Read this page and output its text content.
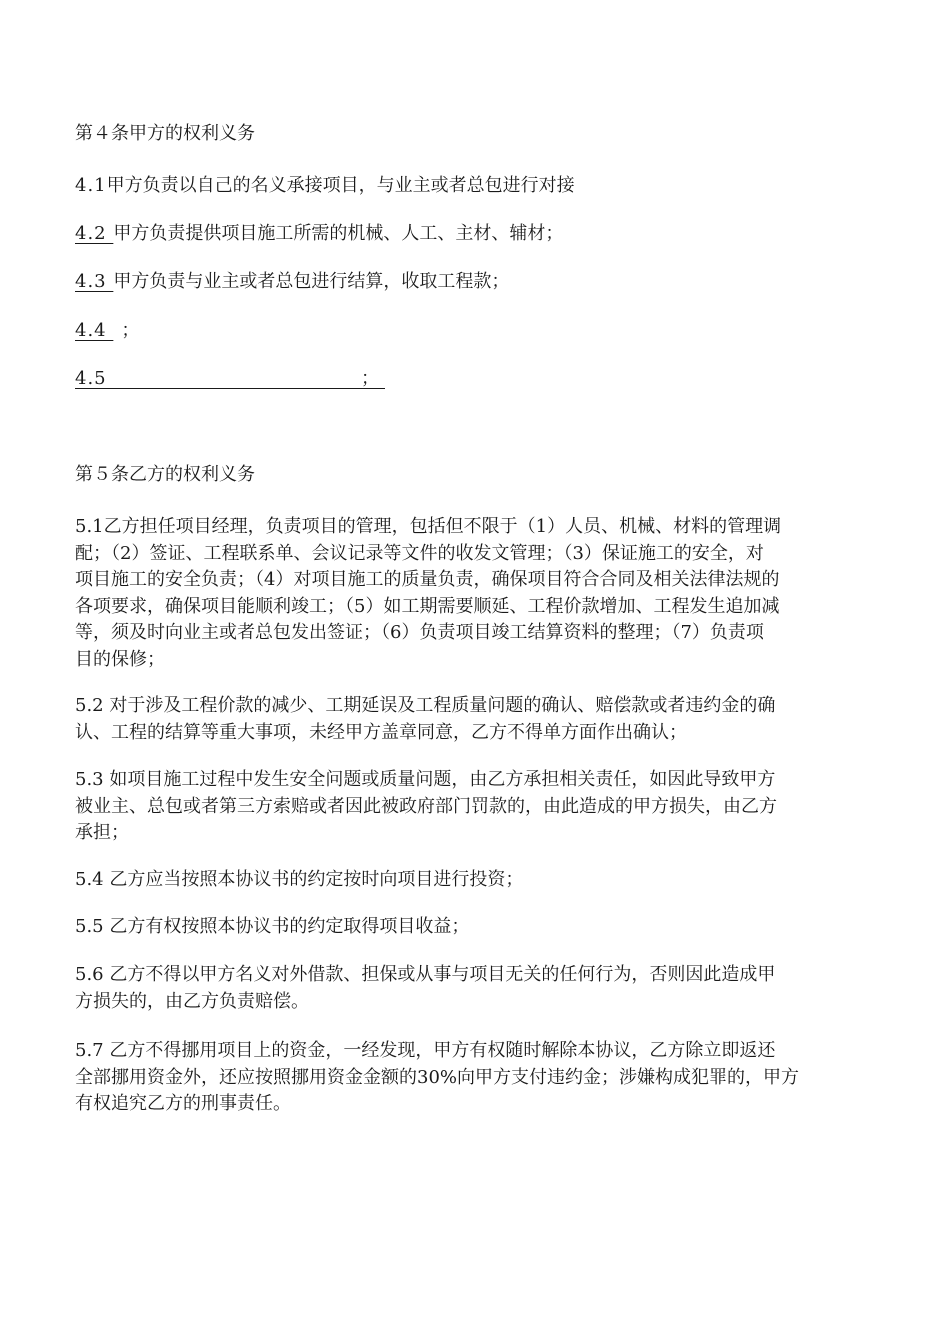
第４条甲方的权利义务
4.1甲方负责以自己的名义承接项目，与业主或者总包进行对接
4.2 甲方负责提供项目施工所需的机械、人工、主材、辅材；
4.3 甲方负责与业主或者总包进行结算，收取工程款；
4.4 ；
4.5	；
第５条乙方的权利义务
5.1乙方担任项目经理，负责项目的管理，包括但不限于（1）人员、机械、材料的管理调
配；（2）签证、工程联系单、会议记录等文件的收发文管理；（3）保证施工的安全，对
项目施工的安全负责；（4）对项目施工的质量负责，确保项目符合合同及相关法律法规的
各项要求，确保项目能顺利竣工；（5）如工期需要顺延、工程价款增加、工程发生追加减
等，须及时向业主或者总包发出签证；（6）负责项目竣工结算资料的整理；（7）负责项
目的保修；
5.2 对于涉及工程价款的减少、工期延误及工程质量问题的确认、赔偿款或者违约金的确
认、工程的结算等重大事项，未经甲方盖章同意，乙方不得单方面作出确认；
5.3 如项目施工过程中发生安全问题或质量问题，由乙方承担相关责任，如因此导致甲方
被业主、总包或者第三方索赔或者因此被政府部门罚款的，由此造成的甲方损失，由乙方
承担；
5.4 乙方应当按照本协议书的约定按时向项目进行投资；
5.5 乙方有权按照本协议书的约定取得项目收益；
5.6 乙方不得以甲方名义对外借款、担保或从事与项目无关的任何行为，否则因此造成甲
方损失的，由乙方负责赔偿。
5.7 乙方不得挪用项目上的资金，一经发现，甲方有权随时解除本协议，乙方除立即返还
全部挪用资金外，还应按照挪用资金金额的30%向甲方支付违约金；涉嫌构成犯罪的，甲方
有权追究乙方的刑事责任。
